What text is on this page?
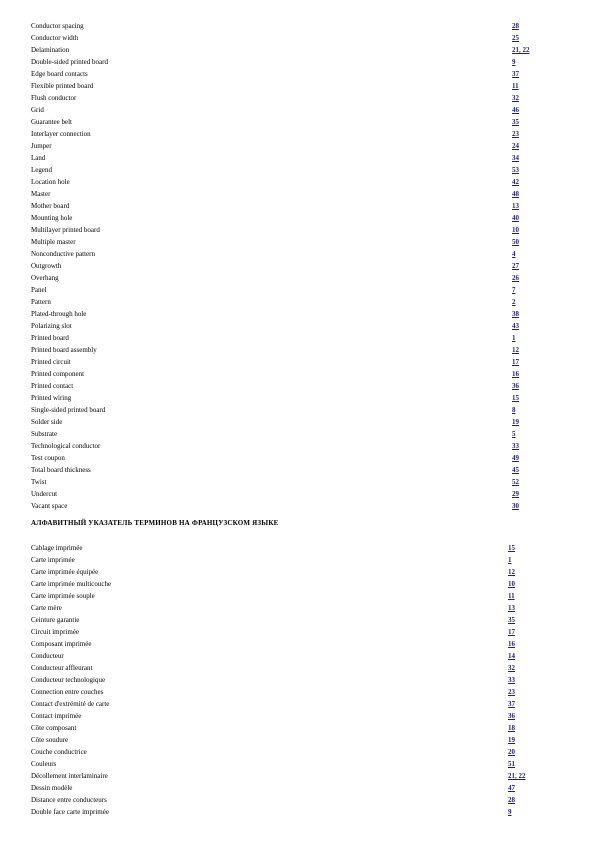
Conductor spacing	28
Conductor width	25
Delamination	21, 22
Double-sided printed board	9
Edge board contacts	37
Flexible printed board	11
Flush conductor	32
Grid	46
Guarantee belt	35
Interlayer connection	23
Jumper	24
Land	34
Legend	53
Location hole	42
Master	48
Mother board	13
Mounting hole	40
Multilayer printed board	10
Multiple master	50
Nonconductive pattern	4
Outgrowth	27
Overhang	26
Panel	7
Pattern	2
Plated-through hole	38
Polarizing slot	43
Printed board	1
Printed board assembly	12
Printed circuit	17
Printed component	16
Printed contact	36
Printed wiring	15
Single-sided printed board	8
Solder side	19
Substrate	5
Technological conductor	33
Test coupon	49
Total board thickness	45
Twist	52
Undercut	29
Vacant space	30
АЛФАВИТНЫЙ УКАЗАТЕЛЬ ТЕРМИНОВ НА ФРАНЦУЗСКОМ ЯЗЫКЕ
Cablage imprimée	15
Carte imprimée	1
Carte imprimée équipée	12
Carte imprimée multicouche	10
Carte imprimée souple	11
Carte mère	13
Ceinture garantie	35
Circuit imprimée	17
Composant imprimée	16
Conducteur	14
Conducteur affleurant	32
Conducteur technologique	33
Connection entre couches	23
Contact d'extrémité de carte	37
Contact imprimée	36
Côte composant	18
Côte soudure	19
Couche conductrice	20
Couleurs	51
Décollement interlaminaire	21, 22
Dessin modèle	47
Distance entre conducteurs	28
Double face carte imprimée	9
